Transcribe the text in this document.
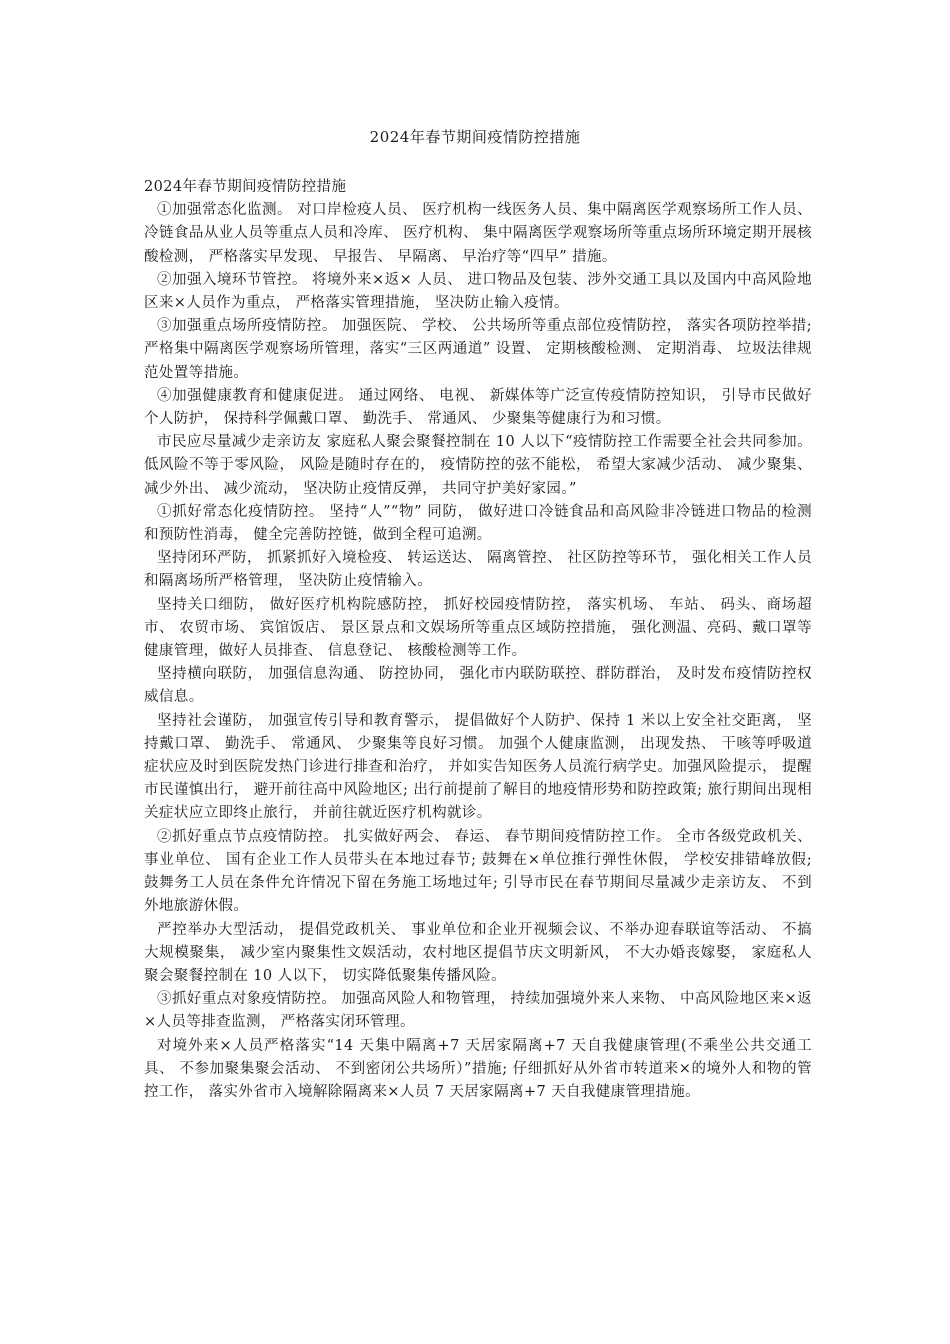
2024年春节期间疫情防控措施

2024年春节期间疫情防控措施

①加强常态化监测。 对口岸检疫人员、 医疗机构一线医务人员、集中隔离医学观察场所工作人员、 冷链食品从业人员等重点人员和冷库、 医疗机构、 集中隔离医学观察场所等重点场所环境定期开展核酸检测， 严格落实早发现、 早报告、 早隔离、 早治疗等“四早” 措施。

②加强入境环节管控。 将境外来×返× 人员、 进口物品及包装、涉外交通工具以及国内中高风险地区来×人员作为重点， 严格落实管理措施， 坚决防止输入疫情。

③加强重点场所疫情防控。 加强医院、 学校、 公共场所等重点部位疫情防控， 落实各项防控举措; 严格集中隔离医学观察场所管理，落实“三区两通道” 设置、 定期核酸检测、 定期消毒、 垃圾法律规范处置等措施。

④加强健康教育和健康促进。 通过网络、 电视、 新媒体等广泛宣传疫情防控知识， 引导市民做好个人防护， 保持科学佩戴口罩、 勤洗手、 常通风、 少聚集等健康行为和习惯。

市民应尽量减少走亲访友 家庭私人聚会聚餐控制在 10 人以下“疫情防控工作需要全社会共同参加。 低风险不等于零风险， 风险是随时存在的， 疫情防控的弦不能松， 希望大家减少活动、 减少聚集、 减少外出、 减少流动， 坚决防止疫情反弹， 共同守护美好家园。”

①抓好常态化疫情防控。 坚持“人”“物” 同防， 做好进口冷链食品和高风险非冷链进口物品的检测和预防性消毒， 健全完善防控链，做到全程可追溯。

坚持闭环严防， 抓紧抓好入境检疫、 转运送达、 隔离管控、 社区防控等环节， 强化相关工作人员和隔离场所严格管理， 坚决防止疫情输入。

坚持关口细防， 做好医疗机构院感防控， 抓好校园疫情防控， 落实机场、 车站、 码头、商场超市、 农贸市场、 宾馆饭店、 景区景点和文娱场所等重点区域防控措施， 强化测温、亮码、戴口罩等健康管理，做好人员排查、 信息登记、 核酸检测等工作。

坚持横向联防， 加强信息沟通、 防控协同， 强化市内联防联控、群防群治， 及时发布疫情防控权威信息。

坚持社会谨防， 加强宣传引导和教育警示， 提倡做好个人防护、保持 1 米以上安全社交距离， 坚持戴口罩、 勤洗手、 常通风、 少聚集等良好习惯。 加强个人健康监测， 出现发热、 干咳等呼吸道症状应及时到医院发热门诊进行排查和治疗， 并如实告知医务人员流行病学史。加强风险提示， 提醒市民谨慎出行， 避开前往高中风险地区; 出行前提前了解目的地疫情形势和防控政策; 旅行期间出现相关症状应立即终止旅行， 并前往就近医疗机构就诊。

②抓好重点节点疫情防控。 扎实做好两会、 春运、 春节期间疫情防控工作。 全市各级党政机关、 事业单位、 国有企业工作人员带头在本地过春节; 鼓舞在×单位推行弹性休假， 学校安排错峰放假; 鼓舞务工人员在条件允许情况下留在务施工场地过年; 引导市民在春节期间尽量减少走亲访友、 不到外地旅游休假。

严控举办大型活动， 提倡党政机关、 事业单位和企业开视频会议、不举办迎春联谊等活动、 不搞大规模聚集， 减少室内聚集性文娱活动，农村地区提倡节庆文明新风， 不大办婚丧嫁娶， 家庭私人聚会聚餐控制在 10 人以下， 切实降低聚集传播风险。

③抓好重点对象疫情防控。 加强高风险人和物管理， 持续加强境外来人来物、 中高风险地区来×返×人员等排查监测， 严格落实闭环管理。

对境外来×人员严格落实“14 天集中隔离+7 天居家隔离+7 天自我健康管理(不乘坐公共交通工具、 不参加聚集聚会活动、 不到密闭公共场所）”措施; 仔细抓好从外省市转道来×的境外人和物的管控工作， 落实外省市入境解除隔离来×人员 7 天居家隔离+7 天自我健康管理措施。
